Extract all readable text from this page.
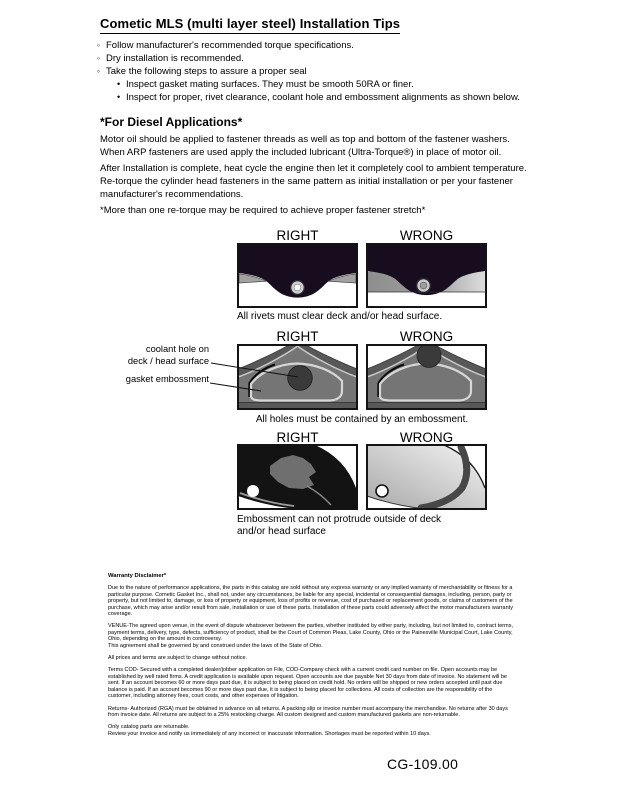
Cometic MLS (multi layer steel) Installation Tips
◦ Follow manufacturer's recommended torque specifications.
◦ Dry installation is recommended.
◦ Take the following steps to assure a proper seal
• Inspect gasket mating surfaces. They must be smooth 50RA or finer.
• Inspect for proper, rivet clearance, coolant hole and embossment alignments as shown below.
*For Diesel Applications*
Motor oil should be applied to fastener threads as well as top and bottom of the fastener washers. When ARP fasteners are used apply the included lubricant (Ultra-Torque®) in place of motor oil.
After Installation is complete, heat cycle the engine then let it completely cool to ambient temperature. Re-torque the cylinder head fasteners in the same pattern as initial installation or per your fastener manufacturer's recommendations.
*More than one re-torque may be required to achieve proper fastener stretch*
RIGHT	WRONG
All rivets must clear deck and/or head surface.
RIGHT	WRONG
coolant hole on
deck / head surface
gasket embossment
All holes must be contained by an embossment.
RIGHT	WRONG
Embossment can not protrude outside of deck
and/or head surface
Warranty Disclaimer*
Due to the nature of performance applications, the parts in this catalog are sold without any express warranty or any implied warranty of merchantability or fitness for a particular purpose. Cometic Gasket Inc., shall not, under any circumstances, be liable for any special, incidental or consequential damages, including, person, party or property, but not limited to, damage, or loss of property or equipment, loss of profits or revenue, cost of purchased or replacement goods, or claims of customers of the purchase, which may arise and/or result from sale, installation or use of these parts. Installation of these parts could adversely affect the motor manufacturers warranty coverage.
VENUE-The agreed upon venue, in the event of dispute whatsoever between the parties, whether instituted by either party, including, but not limited to, contract terms, payment terms, delivery, type, defects, sufficiency of product, shall be the Court of Common Pleas, Lake County, Ohio or the Painesville Municipal Court, Lake County, Ohio, depending on the amount in controversy.
This agreement shall be governed by and construed under the laws of the State of Ohio.
All prices and terms are subject to change without notice.
Terms COD- Secured with a completed dealer/jobber application on File, COD-Company check with a current credit card number on file. Open accounts may be established by well rated firms. A credit application is available upon request. Open accounts are due payable Net 30 days from date of invoice. No statement will be sent. If an account becomes 60 or more days past due, it is subject to being placed on credit hold. No orders will be shipped or new orders accepted until past due balance is paid. If an account becomes 90 or more days past due, it is subject to being placed for collections. All costs of collection are the responsibility of the customer, including attorney fees, court costs, and other expenses of litigation.
Returns- Authorized (RGA) must be obtained in advance on all returns. A packing slip or invoice number must accompany the merchandise. No returns after 30 days from invoice date. All returns are subject to a 25% restocking charge. All custom designed and custom manufactured gaskets are non-returnable.
Only catalog parts are returnable.
Review your invoice and notify us immediately of any incorrect or inaccurate information. Shortages must be reported within 10 days.
CG-109.00
